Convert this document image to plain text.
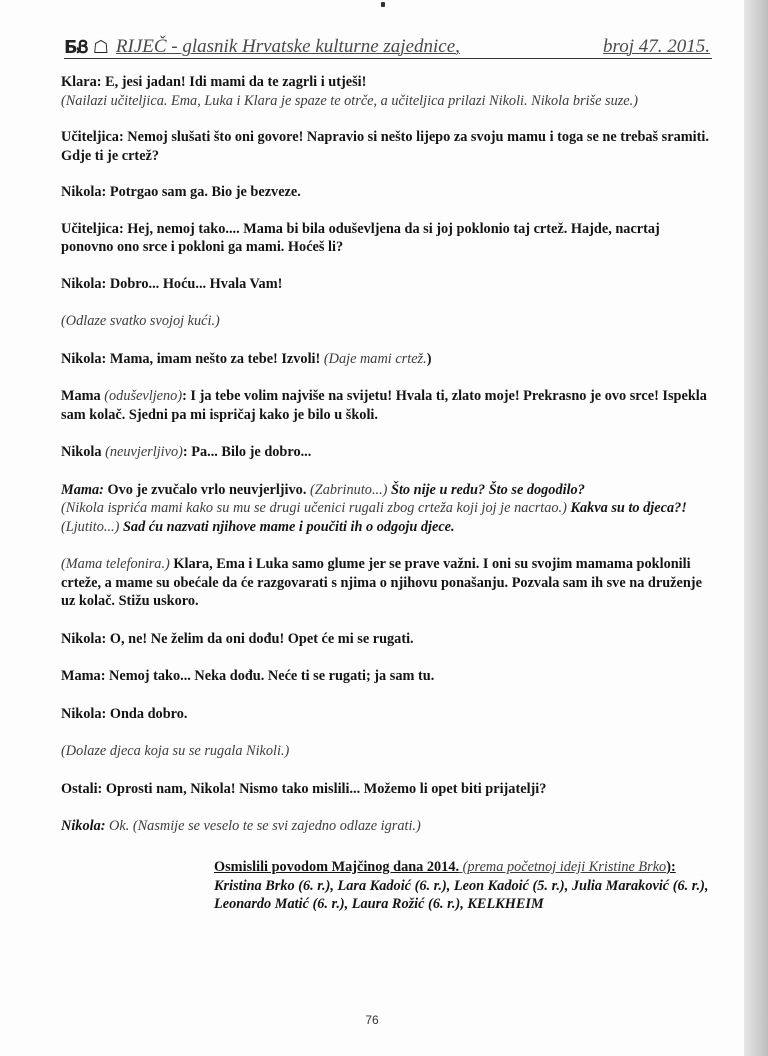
БᏰ ☖ RIJEČ - glasnik Hrvatske kulturne zajednice,	broj 47. 2015.

Klara: E, jesi jadan! Idi mami da te zagrli i utješi!

(Nailazi učiteljica. Ema, Luka i Klara je spaze te otrče, a učiteljica prilazi Nikoli. Nikola briše suze.)

Učiteljica: Nemoj slušati što oni govore! Napravio si nešto lijepo za svoju mamu i toga se ne trebaš sramiti. Gdje ti je crtež?

Nikola: Potrgao sam ga. Bio je bezveze.

Učiteljica: Hej, nemoj tako.... Mama bi bila oduševljena da si joj poklonio taj crtež. Hajde, nacrtaj ponovno ono srce i pokloni ga mami. Hoćeš li?

Nikola: Dobro... Hoću... Hvala Vam!

(Odlaze svatko svojoj kući.)

Nikola: Mama, imam nešto za tebe! Izvoli! (Daje mami crtež.)

Mama (oduševljeno): I ja tebe volim najviše na svijetu! Hvala ti, zlato moje! Prekrasno je ovo srce! Ispekla sam kolač. Sjedni pa mi ispričaj kako je bilo u školi.

Nikola (neuvjerljivo): Pa... Bilo je dobro...

Mama: Ovo je zvučalo vrlo neuvjerljivo. (Zabrinuto...) Što nije u redu? Što se dogodilo?

(Nikola isprića mami kako su mu se drugi učenici rugali zbog crteža koji joj je nacrtao.) Kakva su to djeca?! (Ljutito...) Sad ću nazvati njihove mame i poučiti ih o odgoju djece.

(Mama telefonira.) Klara, Ema i Luka samo glume jer se prave važni. I oni su svojim mamama poklonili crteže, a mame su obećale da će razgovarati s njima o njihovu ponašanju. Pozvala sam ih sve na druženje uz kolač. Stižu uskoro.

Nikola: O, ne! Ne želim da oni dođu! Opet će mi se rugati.

Mama: Nemoj tako... Neka dođu. Neće ti se rugati; ja sam tu.

Nikola: Onda dobro.

(Dolaze djeca koja su se rugala Nikoli.)

Ostali: Oprosti nam, Nikola! Nismo tako mislili... Možemo li opet biti prijatelji?

Nikola: Ok. (Nasmije se veselo te se svi zajedno odlaze igrati.)

Osmislili povodom Majčinog dana 2014. (prema početnoj ideji Kristine Brko):

Kristina Brko (6. r.), Lara Kadoić (6. r.), Leon Kadoić (5. r.), Julia Maraković (6. r.), Leonardo Matić (6. r.), Laura Rožić (6. r.), KELKHEIM

76
